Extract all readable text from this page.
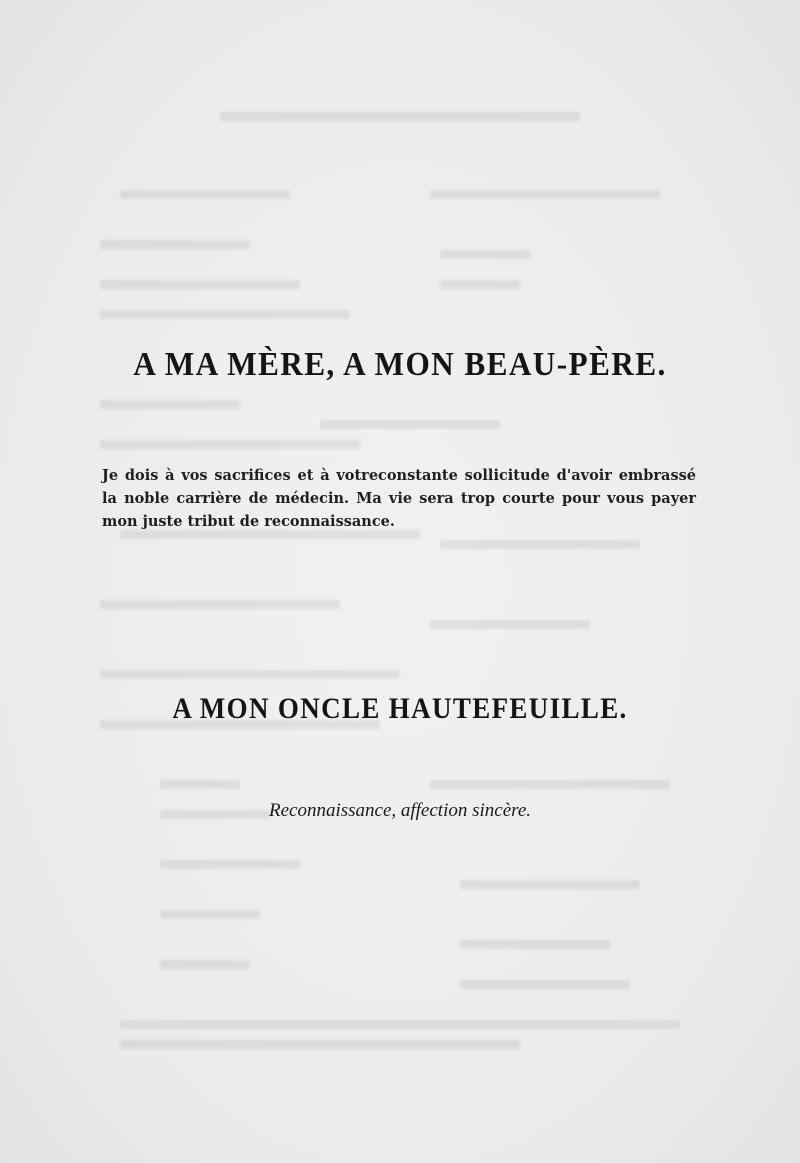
A MA MÈRE, A MON BEAU-PÈRE.

Je dois à vos sacrifices et à votreconstante sollicitude d'avoir embrassé la noble carrière de médecin. Ma vie sera trop courte pour vous payer mon juste tribut de reconnaissance.

A MON ONCLE HAUTEFEUILLE.

Reconnaissance, affection sincère.
